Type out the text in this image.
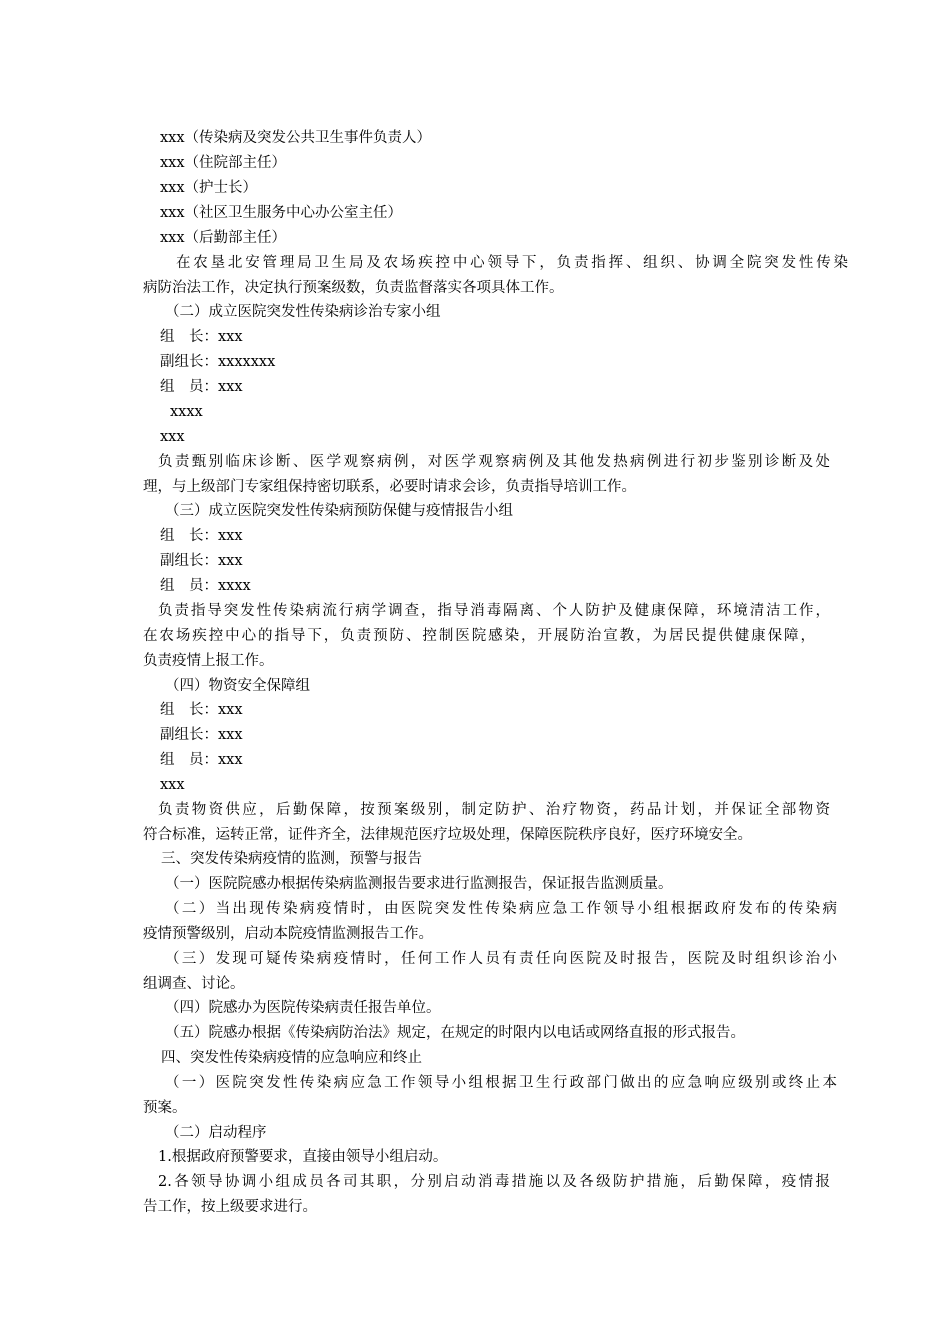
xxx（传染病及突发公共卫生事件负责人）
xxx（住院部主任）
xxx（护士长）
xxx（社区卫生服务中心办公室主任）
xxx（后勤部主任）
在农垦北安管理局卫生局及农场疾控中心领导下，负责指挥、组织、协调全院突发性传染
病防治法工作，决定执行预案级数，负责监督落实各项具体工作。
（二）成立医院突发性传染病诊治专家小组
组　长：xxx
副组长：xxxxxxx
组　员：xxx
xxxx
xxx
负责甄别临床诊断、医学观察病例，对医学观察病例及其他发热病例进行初步鉴别诊断及处
理，与上级部门专家组保持密切联系，必要时请求会诊，负责指导培训工作。
（三）成立医院突发性传染病预防保健与疫情报告小组
组　长：xxx
副组长：xxx
组　员：xxxx
负责指导突发性传染病流行病学调查，指导消毒隔离、个人防护及健康保障，环境清洁工作，
在农场疾控中心的指导下，负责预防、控制医院感染，开展防治宣教，为居民提供健康保障，
负责疫情上报工作。
（四）物资安全保障组
组　长：xxx
副组长：xxx
组　员：xxx
xxx
负责物资供应，后勤保障，按预案级别，制定防护、治疗物资，药品计划，并保证全部物资
符合标准，运转正常，证件齐全，法律规范医疗垃圾处理，保障医院秩序良好，医疗环境安全。
三、突发传染病疫情的监测，预警与报告
（一）医院院感办根据传染病监测报告要求进行监测报告，保证报告监测质量。
（二）当出现传染病疫情时，由医院突发性传染病应急工作领导小组根据政府发布的传染病
疫情预警级别，启动本院疫情监测报告工作。
（三）发现可疑传染病疫情时，任何工作人员有责任向医院及时报告，医院及时组织诊治小
组调查、讨论。
（四）院感办为医院传染病责任报告单位。
（五）院感办根据《传染病防治法》规定，在规定的时限内以电话或网络直报的形式报告。
四、突发性传染病疫情的应急响应和终止
（一）医院突发性传染病应急工作领导小组根据卫生行政部门做出的应急响应级别或终止本
预案。
（二）启动程序
1.根据政府预警要求，直接由领导小组启动。
2.各领导协调小组成员各司其职，分别启动消毒措施以及各级防护措施，后勤保障，疫情报
告工作，按上级要求进行。
